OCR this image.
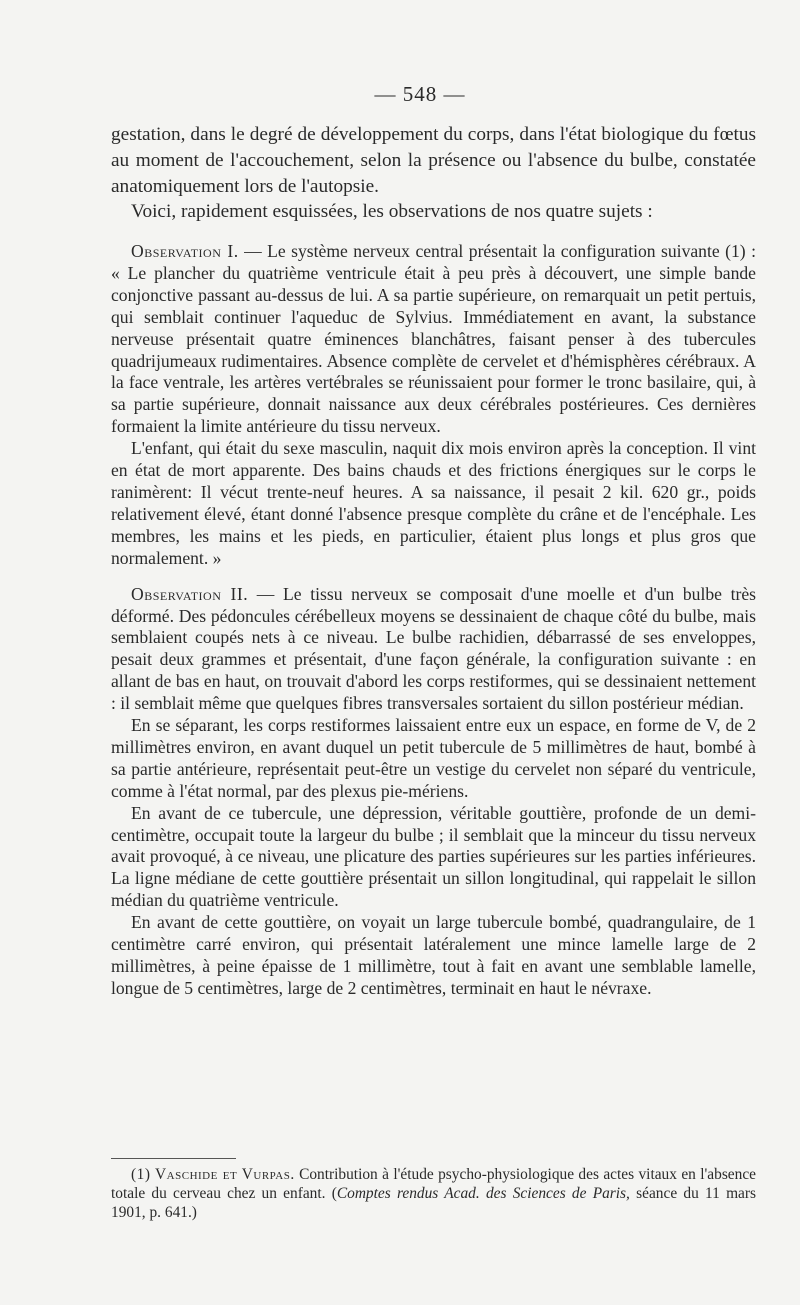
— 548 —

gestation, dans le degré de développement du corps, dans l'état biologique du fœtus au moment de l'accouchement, selon la présence ou l'absence du bulbe, constatée anatomiquement lors de l'autopsie.

Voici, rapidement esquissées, les observations de nos quatre sujets :

Observation I. — Le système nerveux central présentait la configuration suivante (1) : « Le plancher du quatrième ventricule était à peu près à découvert, une simple bande conjonctive passant au-dessus de lui. A sa partie supérieure, on remarquait un petit pertuis, qui semblait continuer l'aqueduc de Sylvius. Immédiatement en avant, la substance nerveuse présentait quatre éminences blanchâtres, faisant penser à des tubercules quadrijumeaux rudimentaires. Absence complète de cervelet et d'hémisphères cérébraux. A la face ventrale, les artères vertébrales se réunissaient pour former le tronc basilaire, qui, à sa partie supérieure, donnait naissance aux deux cérébrales postérieures. Ces dernières formaient la limite antérieure du tissu nerveux.

L'enfant, qui était du sexe masculin, naquit dix mois environ après la conception. Il vint en état de mort apparente. Des bains chauds et des frictions énergiques sur le corps le ranimèrent: Il vécut trente-neuf heures. A sa naissance, il pesait 2 kil. 620 gr., poids relativement élevé, étant donné l'absence presque complète du crâne et de l'encéphale. Les membres, les mains et les pieds, en particulier, étaient plus longs et plus gros que normalement. »

Observation II. — Le tissu nerveux se composait d'une moelle et d'un bulbe très déformé. Des pédoncules cérébelleux moyens se dessinaient de chaque côté du bulbe, mais semblaient coupés nets à ce niveau. Le bulbe rachidien, débarrassé de ses enveloppes, pesait deux grammes et présentait, d'une façon générale, la configuration suivante : en allant de bas en haut, on trouvait d'abord les corps restiformes, qui se dessinaient nettement : il semblait même que quelques fibres transversales sortaient du sillon postérieur médian.

En se séparant, les corps restiformes laissaient entre eux un espace, en forme de V, de 2 millimètres environ, en avant duquel un petit tubercule de 5 millimètres de haut, bombé à sa partie antérieure, représentait peut-être un vestige du cervelet non séparé du ventricule, comme à l'état normal, par des plexus pie-mériens.

En avant de ce tubercule, une dépression, véritable gouttière, profonde de un demi-centimètre, occupait toute la largeur du bulbe ; il semblait que la minceur du tissu nerveux avait provoqué, à ce niveau, une plicature des parties supérieures sur les parties inférieures. La ligne médiane de cette gouttière présentait un sillon longitudinal, qui rappelait le sillon médian du quatrième ventricule.

En avant de cette gouttière, on voyait un large tubercule bombé, quadrangulaire, de 1 centimètre carré environ, qui présentait latéralement une mince lamelle large de 2 millimètres, à peine épaisse de 1 millimètre, tout à fait en avant une semblable lamelle, longue de 5 centimètres, large de 2 centimètres, terminait en haut le névraxe.

(1) Vaschide et Vurpas. Contribution à l'étude psycho-physiologique des actes vitaux en l'absence totale du cerveau chez un enfant. (Comptes rendus Acad. des Sciences de Paris, séance du 11 mars 1901, p. 641.)
